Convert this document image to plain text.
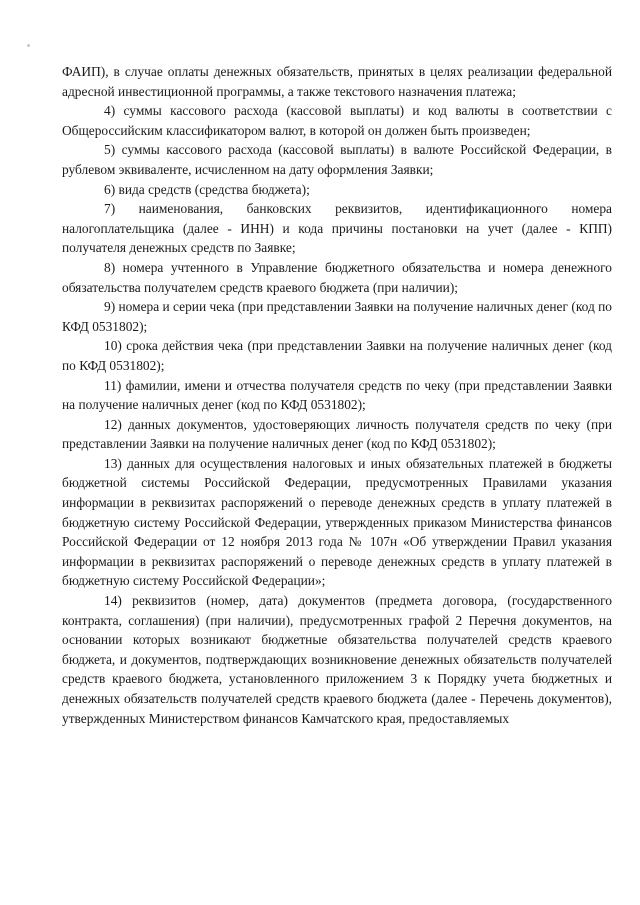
ФАИП), в случае оплаты денежных обязательств, принятых в целях реализации федеральной адресной инвестиционной программы, а также текстового назначения платежа;

4) суммы кассового расхода (кассовой выплаты) и код валюты в соответствии с Общероссийским классификатором валют, в которой он должен быть произведен;

5) суммы кассового расхода (кассовой выплаты) в валюте Российской Федерации, в рублевом эквиваленте, исчисленном на дату оформления Заявки;

6) вида средств (средства бюджета);

7) наименования, банковских реквизитов, идентификационного номера налогоплательщика (далее - ИНН) и кода причины постановки на учет (далее - КПП) получателя денежных средств по Заявке;

8) номера учтенного в Управление бюджетного обязательства и номера денежного обязательства получателем средств краевого бюджета (при наличии);

9) номера и серии чека (при представлении Заявки на получение наличных денег (код по КФД 0531802);

10) срока действия чека (при представлении Заявки на получение наличных денег (код по КФД 0531802);

11) фамилии, имени и отчества получателя средств по чеку (при представлении Заявки на получение наличных денег (код по КФД 0531802);

12) данных документов, удостоверяющих личность получателя средств по чеку (при представлении Заявки на получение наличных денег (код по КФД 0531802);

13) данных для осуществления налоговых и иных обязательных платежей в бюджеты бюджетной системы Российской Федерации, предусмотренных Правилами указания информации в реквизитах распоряжений о переводе денежных средств в уплату платежей в бюджетную систему Российской Федерации, утвержденных приказом Министерства финансов Российской Федерации от 12 ноября 2013 года № 107н «Об утверждении Правил указания информации в реквизитах распоряжений о переводе денежных средств в уплату платежей в бюджетную систему Российской Федерации»;

14) реквизитов (номер, дата) документов (предмета договора, (государственного контракта, соглашения) (при наличии), предусмотренных графой 2 Перечня документов, на основании которых возникают бюджетные обязательства получателей средств краевого бюджета, и документов, подтверждающих возникновение денежных обязательств получателей средств краевого бюджета, установленного приложением 3 к Порядку учета бюджетных и денежных обязательств получателей средств краевого бюджета (далее - Перечень документов), утвержденных Министерством финансов Камчатского края, предоставляемых
